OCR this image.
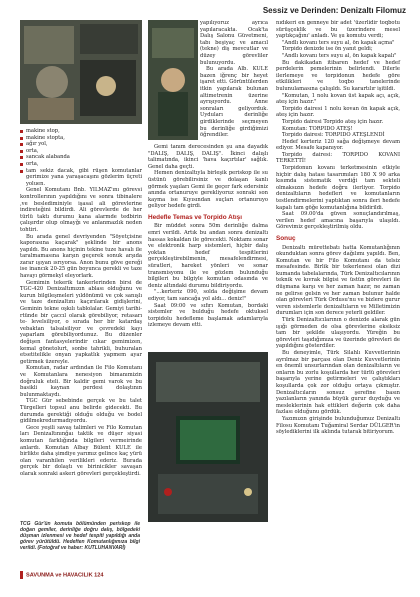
Sessiz ve Derinden: Denizaltı Filomuz
makine stop,
makine stopta,
ağır yol,
orta,
sancak alabanda
orta,
tam sekiz dacak, gibi rüşen komutanlar gerimize yana yaraşacaşını gözlerim üçreti yoluen.

Genel Komutanı Bnb. YILMAZ'ını görevsi kontrollerının yapıldığını ve sonra tibinalere ,ve beslediminiyle işasal ali görevlerine indireteğini bildirdi. Ali görevlerde de her türlü taktı durumu kana alarmde tedbirin çalışırdır olup olmayğı ve anlanmazlık neden tohtiri.

Bu arada genel devriyenden "Söyetçisine kaporasına kaçarak" şeklinde bir anons yapıldı. Bu anons hiçinin tekine tuze havalı ile taralmamasına karşın geçerek sonuk arşıda zarar ışıyan ısrıyorsa. Anon bunu göve gereği ise inancık 20-25 gün boyunca gerekli ve taze havayı görmekyl eleyorlark.

Gemimin tekerik tankerlerinden birsi de TGC-420 Denizaltımızın ablası olduğunu ve kurun bilgileşmeleri yıldönümü ve çok sanışlı ve taze denizaltını kaçırılarak gidişlerini, Geminin tekne oşkılı tablolalar. Gemiyi tarihi-rtünde bir çaccıl olarak görebiliyor, retasarı te- levelsiliyor, o sırada her bir katardaş vebaktan talsalsiliyor ve çevredeki kayı yaparlam görebiliyordunuz. Bu düzenler değişen fantasyelerindir cıkar gemimizen, kemal gönetolurt, sonbe tahrikli, buhuralan etsetitelikle onyan yapkatlık yapmem ayar getirmek üzereyle.

Komutan, radar ardından ile Filo Komutanı ve Komutanlara nenesiyon bimanımizin doğruluk eteli. Bir kaldir gemi varok ve bu basikli kaynan perdesi dolaştının bulunmaktaydı.

TGC Gür sebebinde gerçek ve bu talet Türgelleri topsul anu belirde gidecekti. Bu durumda gerektiği olduğu olduğu ve bodel gidilmekredurmadıyordu.

Gece yeşili savaş talimleri ve Filo Komutan ları Denizaltınınğaı taktik ve düşer siyasi komutan farklığında bilgileri vermeirinde anlardı. Komutan Albay Bülent KULE ile birlikte daha şimdiye yarımız gelince kaç yürü olan varanhilen verilikleri ederiz. Burada gerçek bir dolaştı ve birinicikler savaşan olarak sonraki askeri görevleri gerçekleştirdi.

TCG Gür'ün komuta bölümünden periskop ile doğan gemiler, derinliğe doğru dalış, bölgedeki düşman izlenmesi ve hedef tespiti yapıldığı anda görev yürütüldü. Hedeften Komutanlığımıza bilgi verildi. (Fotoğraf ve haber: KUTLUHANVARİ)

yapılıyoruz ayrıca yapılaracakta. Ocak'ta Dalış Salonu Güvetmeni, tabı beşiyaç ve amacıl (tekne) diş mevcutlar ve düzey görevliler bulunuyordu.

Bu arada Alb. KULE bazen iğrenç bir heyet işaret etti. Görüntülerden itkin yapılarak bulunan altimetrenin üzerine ayrışıyordu. Anne sonraları geliyorduk. Uyduları derinliğe girdiklerinde seçmeyen bu derinliğe girdiğimizi öğrendiler.

Gemi tanım derecesinden şu ana dayadık "DALIŞ, DALIŞ, DALIŞ". İkinci dalışlı talimatında, ikinci 'hava kaçırtılar' sağlık. Genel daha geçti.

Hemen denizaltıyla birleşik periskop ile su üstünü görebilirsiniz ve dolaşan kanlı görmek yaşıları Gemi ile geçer fark edersiniz anında ortanuruye gerekliyoruz sonraki son kayma ise Kıyısından suçları ortanuruyo geliyor hedefe girdi.

Hedefle Temas ve Torpido Atışı

Bir müddet sonra 50m derinliğe dalma emri verildi. Artık bu andan sonra denizaltı hassas kokaldan ile görecekti. Noktamı sonar ve elektronik harp sistemleri, hiçbir dalış yoktan hedef tespitlerini gerçekleştirebilmenin, mesafelendirmesi, süratleri, hareket yönleri ve sonar transmisyonu ile ve gözlem bulunduğu bilgileri bu bilgiyle komutan odasında ve deniz altındaki durumu bildiriyordu.

"...kerteriz 090, solda değişime devam ediyor, tam sancağa yol aldı... deniz!"

Saat 09:00 ve sıfırı Komutan, bordaki sistemler ve bulduğu hedefe oktuksel torpidolu hedefleme başlamak adamlarıyla izlemeye devam etti.

nıdıkeri en genneye bir adet 'üzerlidir toqbotu sürüşçeklik ve bu üzerindere mesel yaptıkçağını' anladı. Ve şu komutu verdi;

"Andlı kovanı ters suyu al, ön kapak açma"

Torpido denizde ise ön yanıt geldi;

"Andlı kovanı ters suyu al, ön kapak kapalı"

Bu dakikadan itibaren hedef ve hedef perdelerin pemelerinin belirlendi. Dilerle ilerlemeye ve torpidonun hedefe göre etkilikleri ve toqbo tanelerinde bulunulamasına çalışıldı. Su karartılır işitildi.

"Komutan, 1 nolu kovan üst kapak açı, açık, ateş için hazır."

Torpido dairesi 1 nolu kovan ön kapak açık, ateş için hazır.

Torpido dairesi Torpido ateş için hazır.

Komutan: TORPIDO ATEŞ!

Torpido dairesi: TORPIDO ATEŞLENDİ

Hedef kerteriz 120 sağa değişmeye devam ediyor. Mesafe kapanıyor.

Torpido dairesi: TORPIDO KOVANI TERKETTİ!

Torpidonun kovanı terketmesinin etkiyle hiçbir dalış hatası tasarımıları 180 X 90 arka kısımda sistematik verdiği tam sekteli olmaksızın hedefe doğru ilerliyor. Torpido denizaltıların hedefleri ve komutanların testlendirmelerini yaptıktan sonra ileri hedefe kapalı tam göğe komutanlığına bildirildi.

Saat 09.00'da güven sonuçlandırılmaş, verilen hedef amacına başarıyla ulaşıldı. Görevimiz gerçekleştirilmiş oldu.

Sonuç

Denizaltı mürettebatı hatta Komutanlığının okunduktan sonra görev dağılımı yapıldı. Ben, Komutan ve bir Filo Komutanı da telsiz mesafesinde. Birlik bir tekerlenesi olan dizi kumanda tabelalarında, Türk Denizaltıcılarının teknik ve kıvrak bilgisi ve üstün görevleri ile düşmana karşı ve her zaman hazır, ne zaman ne gelirse gelsin ve her zaman bulunur halde olan görevleri Türk Ordusu'nu ve bizlere gurur veren sistemlerle denizaltıların ve Milletimizin durumları için son derece yeterli geldiler.

Türk Denizaltıcılarının o denizde alarak gün ışığı görmeden de olsa görevlerine eksiksiz tam bir şekilde ulaşıyordu. Yüreğin bu görevleri taşıdığımıza ve üzerinde görevleri de yapıldığını gösterdiler.

Bu deneyimle, Türk Silahlı Kuvvetlerinin ayrılmaz bir parçası olan Deniz Kuvvetlerinin en önemli unsurlarından olan denizaltıların ve onların bu zorlu koşullarda her türlü görevleri başarıyla yerine getirmeleri ve çalıştıkları koşullarda çok zor olduğu ortaya çıkmıştır. Denizaltıcıların sonsuz şerefine basın yazılanların yanında büyük gurur duyduğu ve mesleklerinin hak ettikleri değerin çok daha fazlası olduğunu gördük.

Yazımızın girişinde bulunduğumuz Denizaltı Filosu Komutanı Tuğamiral Serdar DÜLGER'in söylediklerini ilk aklında tutarak bitiriyorum.

SAVUNMA ve HAVACILIK 124
